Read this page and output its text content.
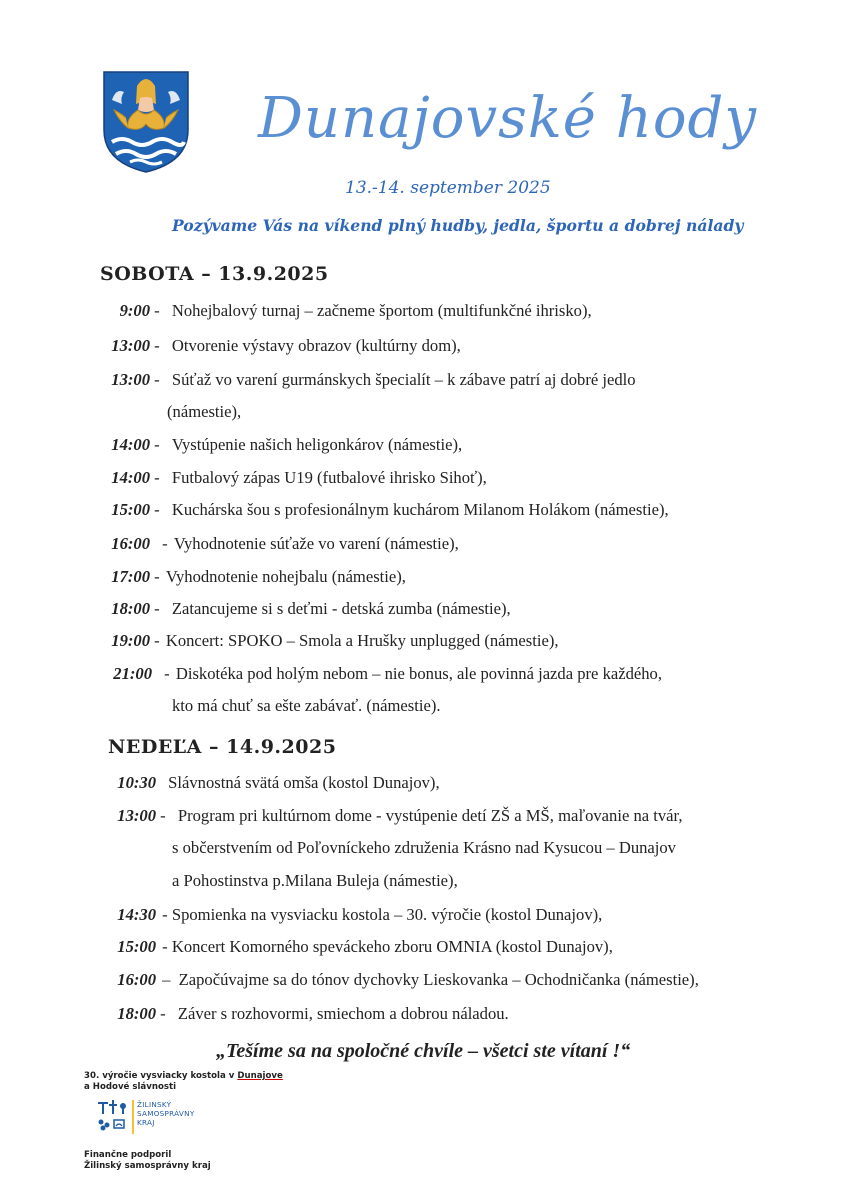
Dunajovské hody
13.-14. september 2025
Pozývame Vás na víkend plný hudby, jedla, športu a dobrej nálady
SOBOTA – 13.9.2025
9:00 - Nohejbalový turnaj – začneme športom (multifunkčné ihrisko),
13:00 - Otvorenie výstavy obrazov (kultúrny dom),
13:00 - Súťaž vo varení gurmánskych špecialít – k zábave patrí aj dobré jedlo
(námestie),
14:00 - Vystúpenie našich heligonkárov (námestie),
14:00 - Futbalový zápas U19 (futbalové ihrisko Sihoť),
15:00 - Kuchárska šou s profesionálnym kuchárom Milanom Holákom (námestie),
16:00 - Vyhodnotenie súťaže vo varení (námestie),
17:00 - Vyhodnotenie nohejbalu (námestie),
18:00 - Zatancujeme si s deťmi - detská zumba (námestie),
19:00 - Koncert: SPOKO – Smola a Hrušky unplugged (námestie),
21:00 - Diskotéka pod holým nebom – nie bonus, ale povinná jazda pre každého,
kto má chuť sa ešte zabávať. (námestie).
NEDEĽA – 14.9.2025
10:30 Slávnostná svätá omša (kostol Dunajov),
13:00 - Program pri kultúrnom dome - vystúpenie detí ZŠ a MŠ, maľovanie na tvár,
s občerstvením od Poľovníckeho združenia Krásno nad Kysucou – Dunajov
a Pohostinstva p.Milana Buleja (námestie),
14:30 - Spomienka na vysviacku kostola – 30. výročie (kostol Dunajov),
15:00 - Koncert Komorného speváckeho zboru OMNIA (kostol Dunajov),
16:00 – Započúvajme sa do tónov dychovky Lieskovanka – Ochodničanka (námestie),
18:00 - Záver s rozhovormi, smiechom a dobrou náladou.
„Tešíme sa na spoločné chvíle – všetci ste vítaní !“
30. výročie vysviacky kostola v Dunajove
a Hodové slávnosti
ŽILINSKÝ
SAMOSPRÁVNY
KRAJ
Finančne podporil
Žilinský samosprávny kraj
